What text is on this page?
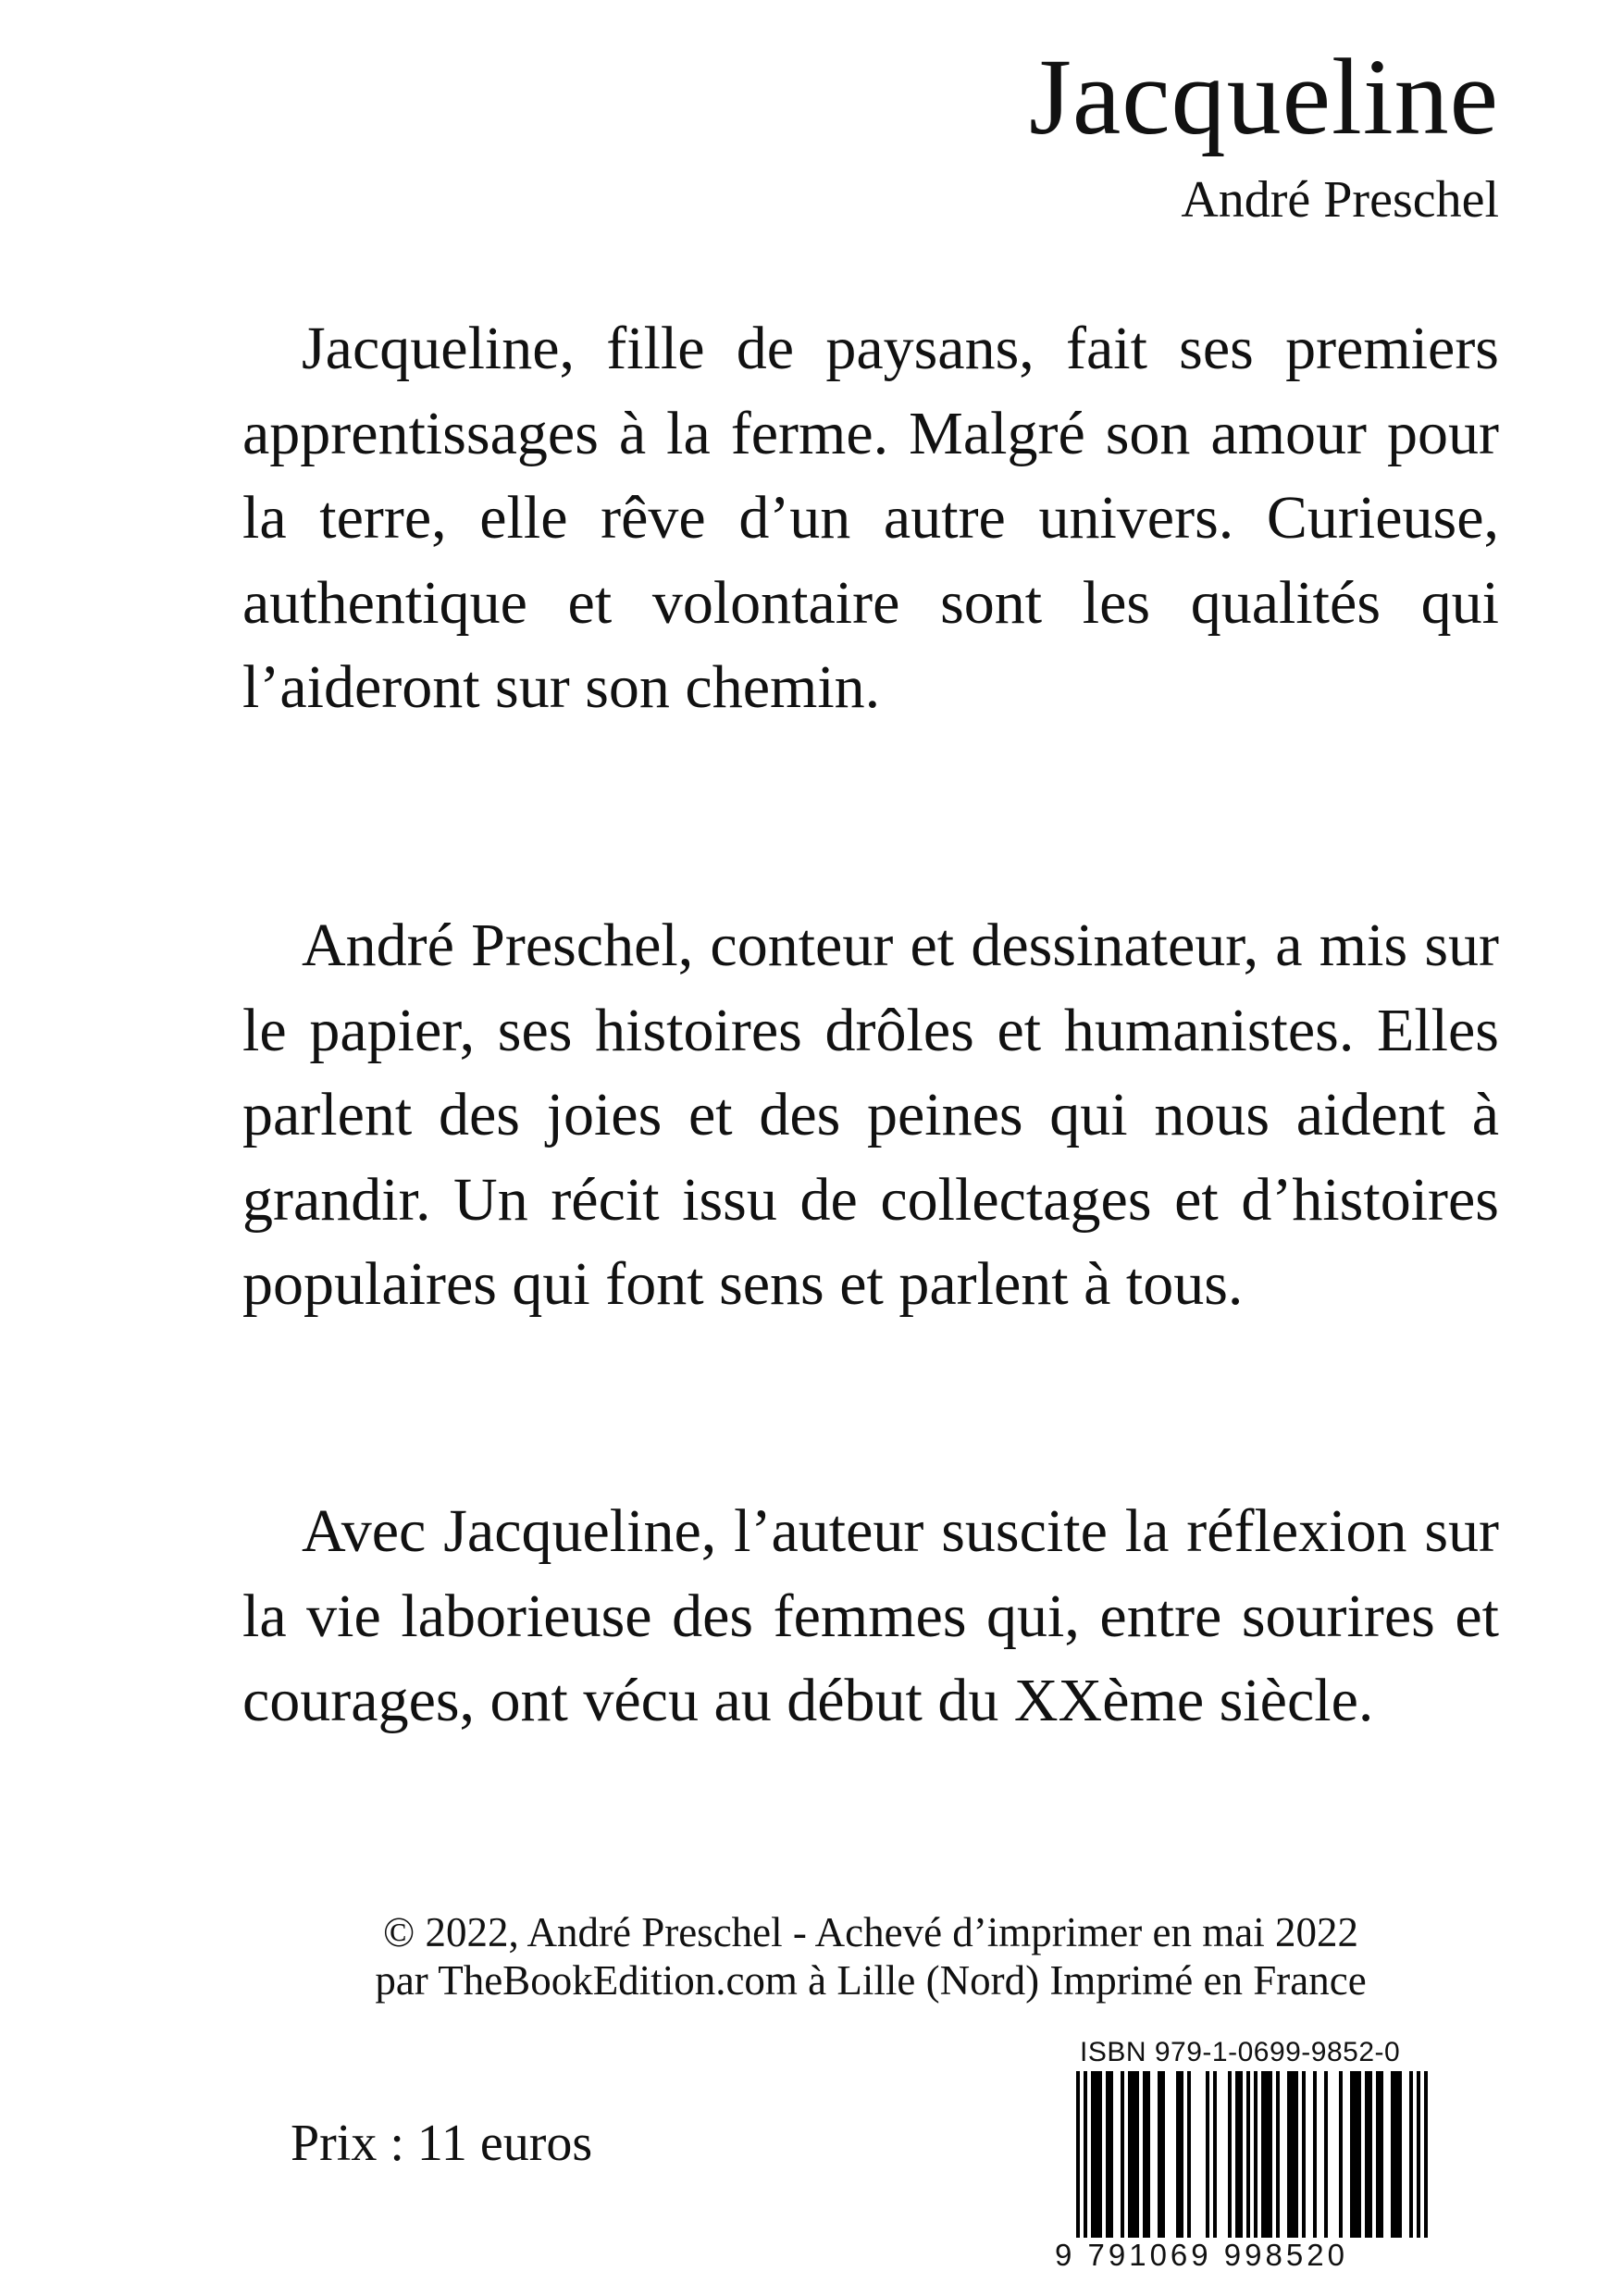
Jacqueline
André Preschel

Jacqueline, fille de paysans, fait ses premiers apprentissages à la ferme. Malgré son amour pour la terre, elle rêve d’un autre univers. Curieuse, authentique et volontaire sont les qualités qui l’aideront sur son chemin.

André Preschel, conteur et dessinateur, a mis sur le papier, ses histoires drôles et humanistes. Elles parlent des joies et des peines qui nous aident à grandir. Un récit issu de collectages et d’histoires populaires qui font sens et parlent à tous.

Avec Jacqueline, l’auteur suscite la réflexion sur la vie laborieuse des femmes qui, entre sourires et courages, ont vécu au début du XXème siècle.

© 2022, André Preschel - Achevé d’imprimer en mai 2022
par TheBookEdition.com à Lille (Nord) Imprimé en France
Prix : 11 euros
ISBN 979-1-0699-9852-0
9 791069 998520
